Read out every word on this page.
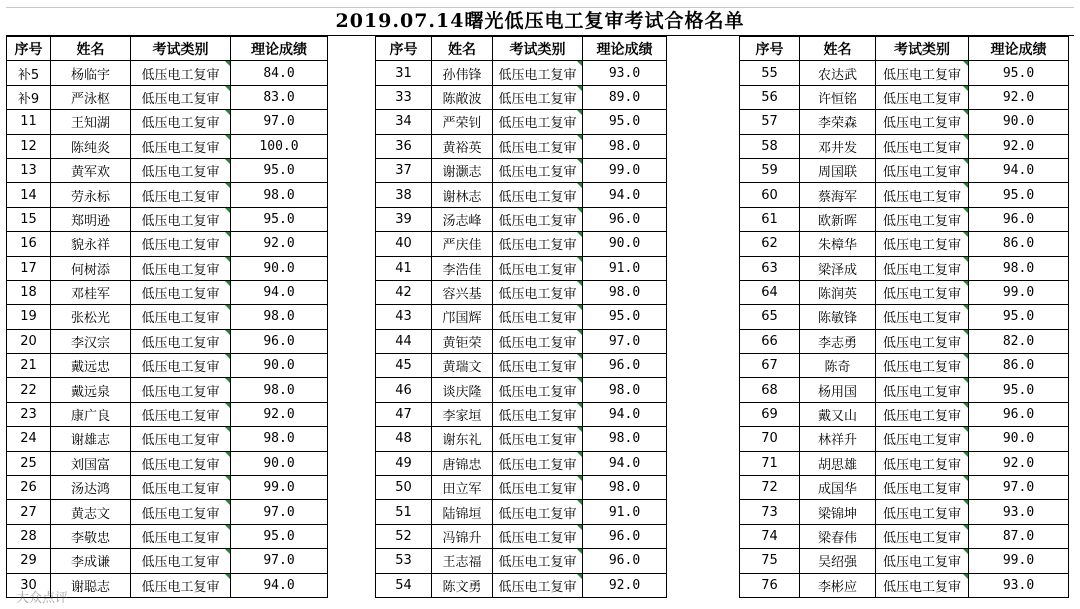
2019.07.14曙光低压电工复审考试合格名单
序号	姓名	考试类别	理论成绩
补5	杨临宇	低压电工复审	84.0
补9	严泳枢	低压电工复审	83.0
11	王知湖	低压电工复审	97.0
12	陈纯炎	低压电工复审	100.0
13	黄军欢	低压电工复审	95.0
14	劳永标	低压电工复审	98.0
15	郑明逊	低压电工复审	95.0
16	貌永祥	低压电工复审	92.0
17	何树添	低压电工复审	90.0
18	邓桂军	低压电工复审	94.0
19	张松光	低压电工复审	98.0
20	李汉宗	低压电工复审	96.0
21	戴远忠	低压电工复审	90.0
22	戴远泉	低压电工复审	98.0
23	康广良	低压电工复审	92.0
24	谢雄志	低压电工复审	98.0
25	刘国富	低压电工复审	90.0
26	汤达鸿	低压电工复审	99.0
27	黄志文	低压电工复审	97.0
28	李敬忠	低压电工复审	95.0
29	李成谦	低压电工复审	97.0
30	谢聪志	低压电工复审	94.0
序号	姓名	考试类别	理论成绩
31	孙伟锋	低压电工复审	93.0
33	陈敞波	低压电工复审	89.0
34	严荣钊	低压电工复审	95.0
36	黄裕英	低压电工复审	98.0
37	谢灏志	低压电工复审	99.0
38	谢林志	低压电工复审	94.0
39	汤志峰	低压电工复审	96.0
40	严庆佳	低压电工复审	90.0
41	李浩佳	低压电工复审	91.0
42	容兴基	低压电工复审	98.0
43	邝国辉	低压电工复审	95.0
44	黄钜荣	低压电工复审	97.0
45	黄瑞文	低压电工复审	96.0
46	谈庆隆	低压电工复审	98.0
47	李家垣	低压电工复审	94.0
48	谢东礼	低压电工复审	98.0
49	唐锦忠	低压电工复审	94.0
50	田立军	低压电工复审	98.0
51	陆锦垣	低压电工复审	91.0
52	冯锦升	低压电工复审	96.0
53	王志福	低压电工复审	96.0
54	陈文勇	低压电工复审	92.0
序号	姓名	考试类别	理论成绩
55	农达武	低压电工复审	95.0
56	许恒铭	低压电工复审	92.0
57	李荣森	低压电工复审	90.0
58	邓井发	低压电工复审	92.0
59	周国联	低压电工复审	94.0
60	蔡海军	低压电工复审	95.0
61	欧新晖	低压电工复审	96.0
62	朱樟华	低压电工复审	86.0
63	梁泽成	低压电工复审	98.0
64	陈润英	低压电工复审	99.0
65	陈敏锋	低压电工复审	95.0
66	李志勇	低压电工复审	82.0
67	陈奇	低压电工复审	86.0
68	杨用国	低压电工复审	95.0
69	戴又山	低压电工复审	96.0
70	林祥升	低压电工复审	90.0
71	胡思雄	低压电工复审	92.0
72	成国华	低压电工复审	97.0
73	梁锦坤	低压电工复审	93.0
74	梁春伟	低压电工复审	87.0
75	吴绍强	低压电工复审	99.0
76	李彬应	低压电工复审	93.0
大众点评
